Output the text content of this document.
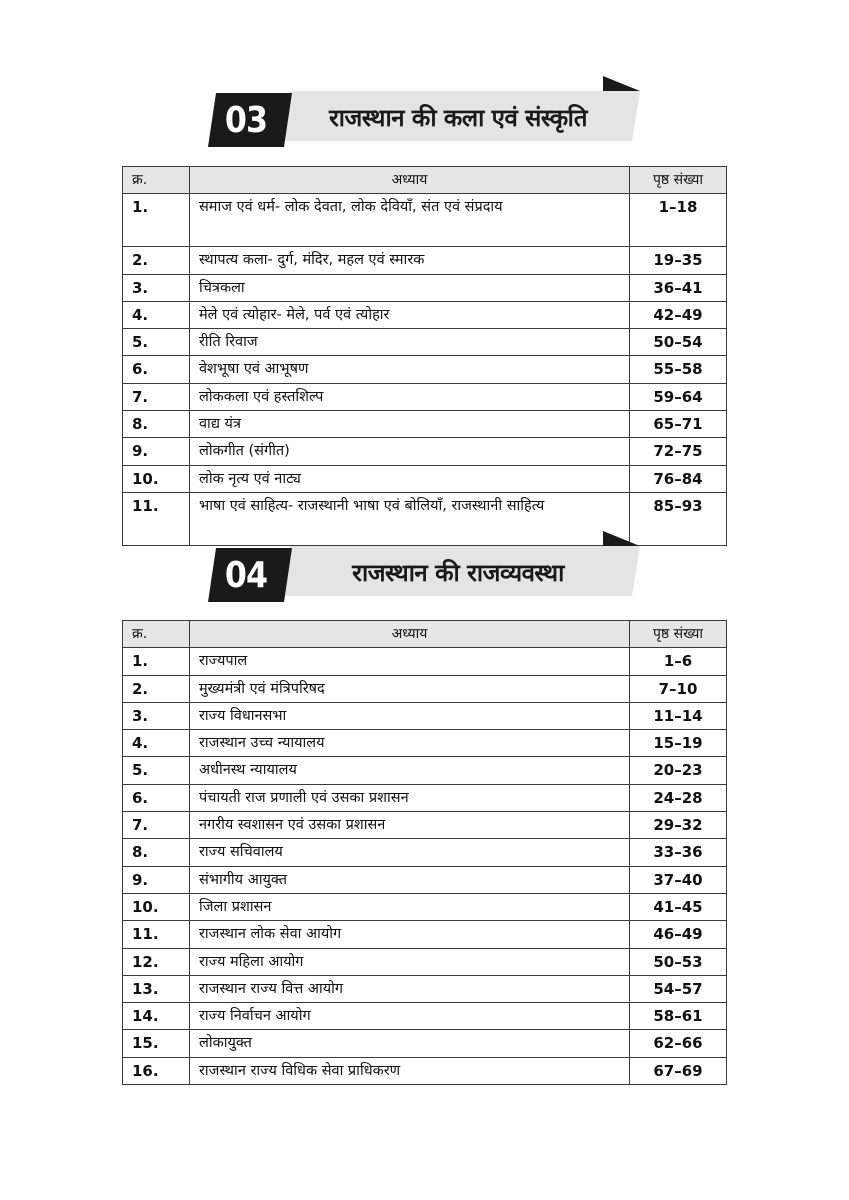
03	राजस्थान की कला एवं संस्कृति
क्र.	अध्याय	पृष्ठ संख्या
1.	समाज एवं धर्म- लोक देवता, लोक देवियाँ, संत एवं संप्रदाय	1–18
2.	स्थापत्य कला- दुर्ग, मंदिर, महल एवं स्मारक	19–35
3.	चित्रकला	36–41
4.	मेले एवं त्योहार- मेले, पर्व एवं त्योहार	42–49
5.	रीति रिवाज	50–54
6.	वेशभूषा एवं आभूषण	55–58
7.	लोककला एवं हस्तशिल्प	59–64
8.	वाद्य यंत्र	65–71
9.	लोकगीत (संगीत)	72–75
10.	लोक नृत्य एवं नाट्य	76–84
11.	भाषा एवं साहित्य- राजस्थानी भाषा एवं बोलियाँ, राजस्थानी साहित्य	85–93
04	राजस्थान की राजव्यवस्था
क्र.	अध्याय	पृष्ठ संख्या
1.	राज्यपाल	1–6
2.	मुख्यमंत्री एवं मंत्रिपरिषद	7–10
3.	राज्य विधानसभा	11–14
4.	राजस्थान उच्च न्यायालय	15–19
5.	अधीनस्थ न्यायालय	20–23
6.	पंचायती राज प्रणाली एवं उसका प्रशासन	24–28
7.	नगरीय स्वशासन एवं उसका प्रशासन	29–32
8.	राज्य सचिवालय	33–36
9.	संभागीय आयुक्त	37–40
10.	जिला प्रशासन	41–45
11.	राजस्थान लोक सेवा आयोग	46–49
12.	राज्य महिला आयोग	50–53
13.	राजस्थान राज्य वित्त आयोग	54–57
14.	राज्य निर्वाचन आयोग	58–61
15.	लोकायुक्त	62–66
16.	राजस्थान राज्य विधिक सेवा प्राधिकरण	67–69
